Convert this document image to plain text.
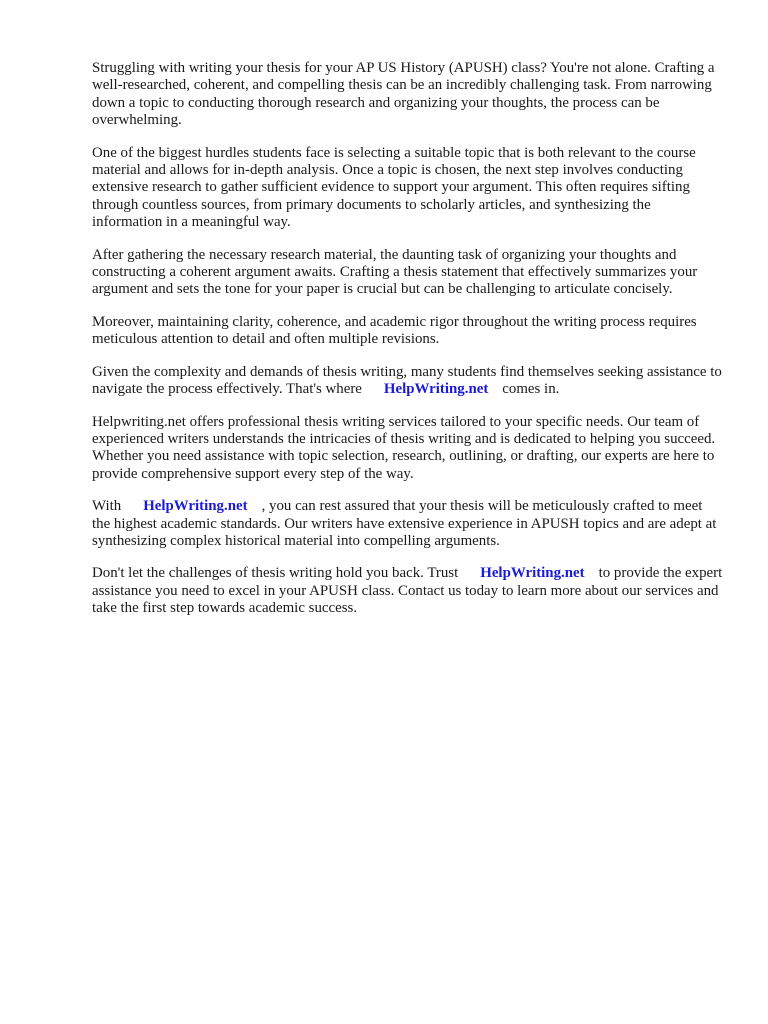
Struggling with writing your thesis for your AP US History (APUSH) class? You're not alone. Crafting a well-researched, coherent, and compelling thesis can be an incredibly challenging task. From narrowing down a topic to conducting thorough research and organizing your thoughts, the process can be overwhelming.

One of the biggest hurdles students face is selecting a suitable topic that is both relevant to the course material and allows for in-depth analysis. Once a topic is chosen, the next step involves conducting extensive research to gather sufficient evidence to support your argument. This often requires sifting through countless sources, from primary documents to scholarly articles, and synthesizing the information in a meaningful way.

After gathering the necessary research material, the daunting task of organizing your thoughts and constructing a coherent argument awaits. Crafting a thesis statement that effectively summarizes your argument and sets the tone for your paper is crucial but can be challenging to articulate concisely.

Moreover, maintaining clarity, coherence, and academic rigor throughout the writing process requires meticulous attention to detail and often multiple revisions.

Given the complexity and demands of thesis writing, many students find themselves seeking assistance to navigate the process effectively. That's where HelpWriting.net comes in.

Helpwriting.net offers professional thesis writing services tailored to your specific needs. Our team of experienced writers understands the intricacies of thesis writing and is dedicated to helping you succeed. Whether you need assistance with topic selection, research, outlining, or drafting, our experts are here to provide comprehensive support every step of the way.

With HelpWriting.net , you can rest assured that your thesis will be meticulously crafted to meet the highest academic standards. Our writers have extensive experience in APUSH topics and are adept at synthesizing complex historical material into compelling arguments.

Don't let the challenges of thesis writing hold you back. Trust HelpWriting.net to provide the expert assistance you need to excel in your APUSH class. Contact us today to learn more about our services and take the first step towards academic success.
